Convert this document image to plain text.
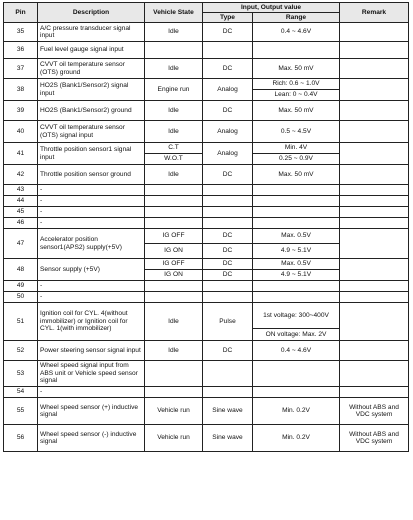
Pin	Description	Vehicle State	Input, Output value		Remark
			Type	Range	
35	A/C pressure transducer signal input	Idle	DC	0.4 ~ 4.6V	
36	Fuel level gauge signal input				
37	CVVT oil temperature sensor (OTS) ground	Idle	DC	Max. 50 mV	
38	HO2S (Bank1/Sensor2) signal input	Engine run	Analog	Rich: 0.6 ~ 1.0V	
				Lean: 0 ~ 0.4V	
39	HO2S (Bank1/Sensor2) ground	Idle	DC	Max. 50 mV	
40	CVVT oil temperature sensor (OTS) signal input	Idle	Analog	0.5 ~ 4.5V	
41	Throttle position sensor1 signal input	C.T	Analog	Min. 4V	
		W.O.T		0.25 ~ 0.9V	
42	Throttle position sensor ground	Idle	DC	Max. 50 mV	
43	-				
44	-				
45	-				
46	-				
47	Accelerator position sensor1(APS2) supply(+5V)	IG OFF	DC	Max. 0.5V	
		IG ON	DC	4.9 ~ 5.1V	
48	Sensor supply (+5V)	IG OFF	DC	Max. 0.5V	
		IG ON	DC	4.9 ~ 5.1V	
49	-				
50	-				
51	Ignition coil for CYL. 4(without immobilizer) or Ignition coil for CYL. 1(with immobilizer)	Idle	Pulse	1st voltage: 300~400V	
				ON voltage: Max. 2V	
52	Power steering sensor signal input	Idle	DC	0.4 ~ 4.6V	
53	Wheel speed signal input from ABS unit or Vehicle speed sensor signal				
54	-				
55	Wheel speed sensor (+) inductive signal	Vehicle run	Sine wave	Min. 0.2V	Without ABS and VDC system
56	Wheel speed sensor (-) inductive signal	Vehicle run	Sine wave	Min. 0.2V	Without ABS and VDC system
